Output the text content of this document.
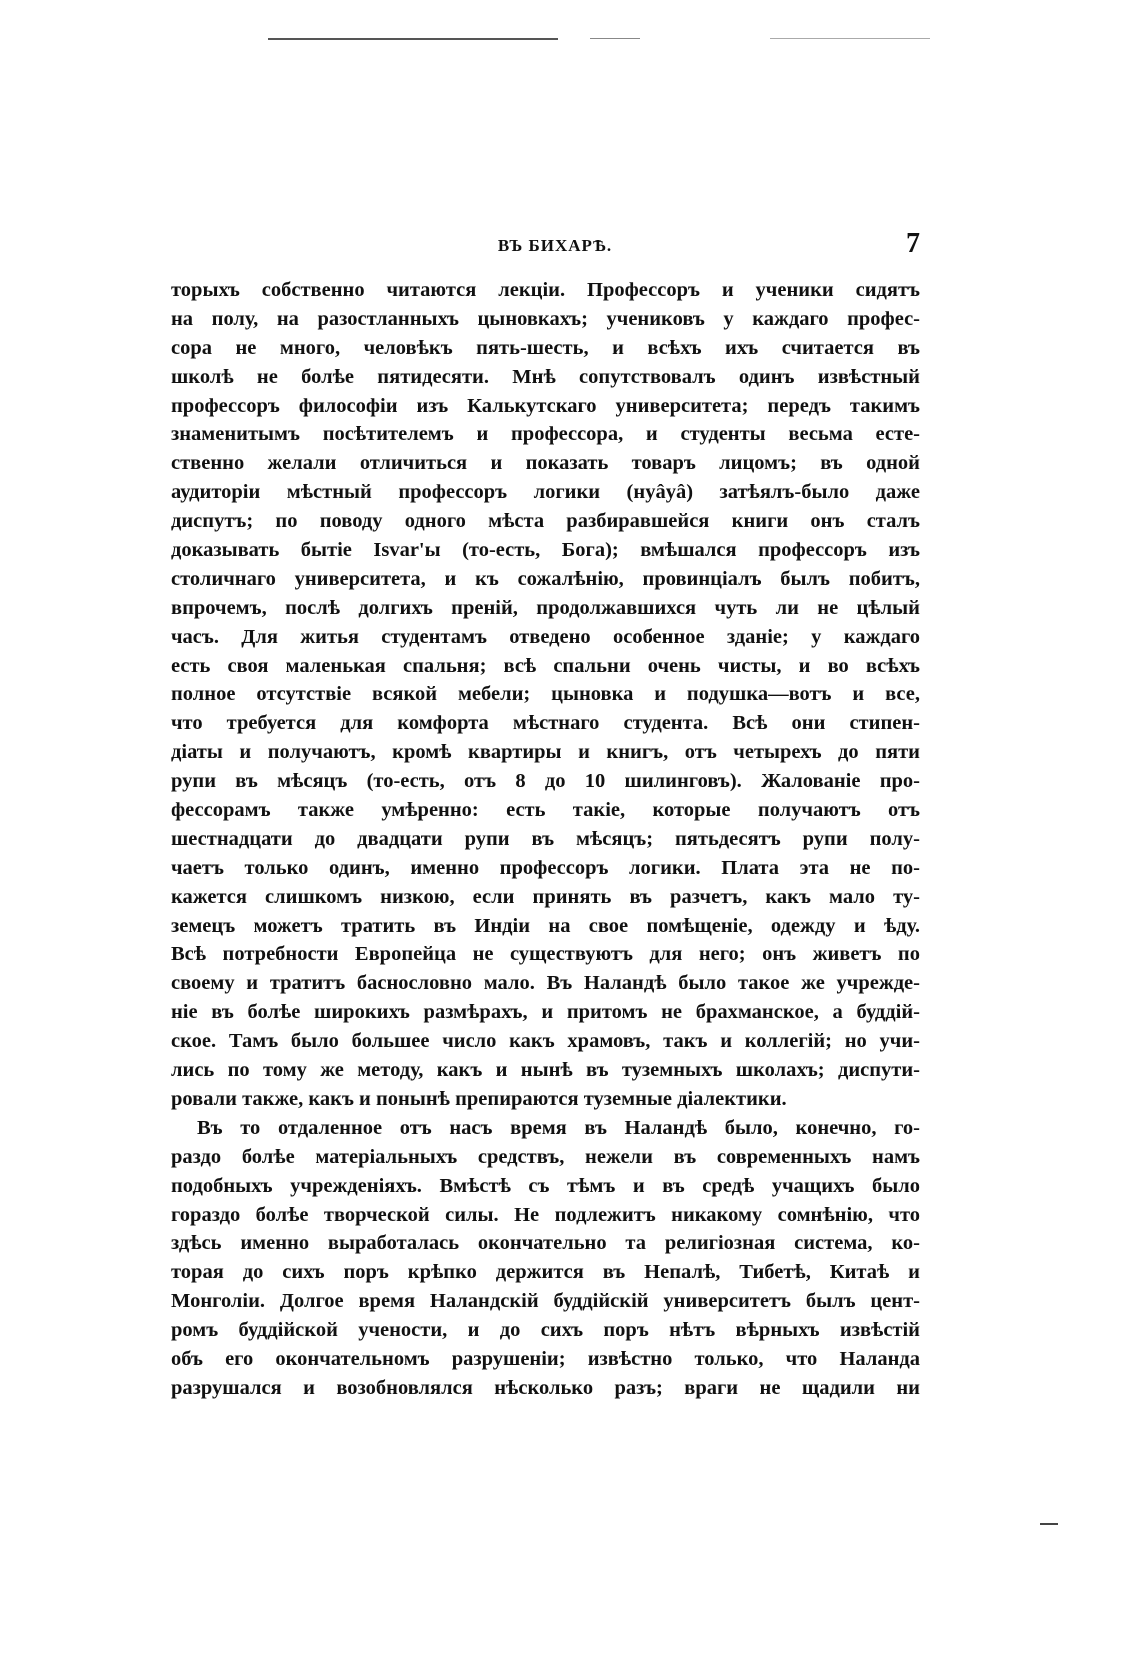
ВЪ БИХАРѢ.	7
торыхъ собственно читаются лекціи. Профессоръ и ученики сидятъ
на полу, на разостланныхъ цыновкахъ; учениковъ у каждаго профес-
сора не много, человѣкъ пять-шесть, и всѣхъ ихъ считается въ
школѣ не болѣе пятидесяти. Мнѣ сопутствовалъ одинъ извѣстный
профессоръ философіи изъ Калькутскаго университета; передъ такимъ
знаменитымъ посѣтителемъ и профессора, и студенты весьма есте-
ственно желали отличиться и показать товаръ лицомъ; въ одной
аудиторіи мѣстный профессоръ логики (нуâyâ) затѣялъ-было даже
диспутъ; по поводу одного мѣста разбиравшейся книги онъ сталъ
доказывать бытіе Isvar'ы (то-есть, Бога); вмѣшался профессоръ изъ
столичнаго университета, и къ сожалѣнію, провинціалъ былъ побитъ,
впрочемъ, послѣ долгихъ преній, продолжавшихся чуть ли не цѣлый
часъ. Для житья студентамъ отведено особенное зданіе; у каждаго
есть своя маленькая спальня; всѣ спальни очень чисты, и во всѣхъ
полное отсутствіе всякой мебели; цыновка и подушка—вотъ и все,
что требуется для комфорта мѣстнаго студента. Всѣ они стипен-
діаты и получаютъ, кромѣ квартиры и книгъ, отъ четырехъ до пяти
рупи въ мѣсяцъ (то-есть, отъ 8 до 10 шилинговъ). Жалованіе про-
фессорамъ также умѣренно: есть такіе, которые получаютъ отъ
шестнадцати до двадцати рупи въ мѣсяцъ; пятьдесятъ рупи полу-
чаетъ только одинъ, именно профессоръ логики. Плата эта не по-
кажется слишкомъ низкою, если принять въ разчетъ, какъ мало ту-
земецъ можетъ тратить въ Индіи на свое помѣщеніе, одежду и ѣду.
Всѣ потребности Европейца не существуютъ для него; онъ живетъ по
своему и тратитъ баснословно мало. Въ Наландѣ было такое же учрежде-
ніе въ болѣе широкихъ размѣрахъ, и притомъ не брахманское, а буддій-
ское. Тамъ было большее число какъ храмовъ, такъ и коллегій; но учи-
лись по тому же методу, какъ и нынѣ въ туземныхъ школахъ; диспути-
ровали также, какъ и понынѣ препираются туземные діалектики.
Въ то отдаленное отъ насъ время въ Наландѣ было, конечно, го-
раздо болѣе матеріальныхъ средствъ, нежели въ современныхъ намъ
подобныхъ учрежденіяхъ. Вмѣстѣ съ тѣмъ и въ средѣ учащихъ было
гораздо болѣе творческой силы. Не подлежитъ никакому сомнѣнію, что
здѣсь именно выработалась окончательно та религіозная система, ко-
торая до сихъ поръ крѣпко держится въ Непалѣ, Тибетѣ, Китаѣ и
Монголіи. Долгое время Наландскій буддійскій университетъ былъ цент-
ромъ буддійской учености, и до сихъ поръ нѣтъ вѣрныхъ извѣстій
объ его окончательномъ разрушеніи; извѣстно только, что Наланда
разрушался и возобновлялся нѣсколько разъ; враги не щадили ни
